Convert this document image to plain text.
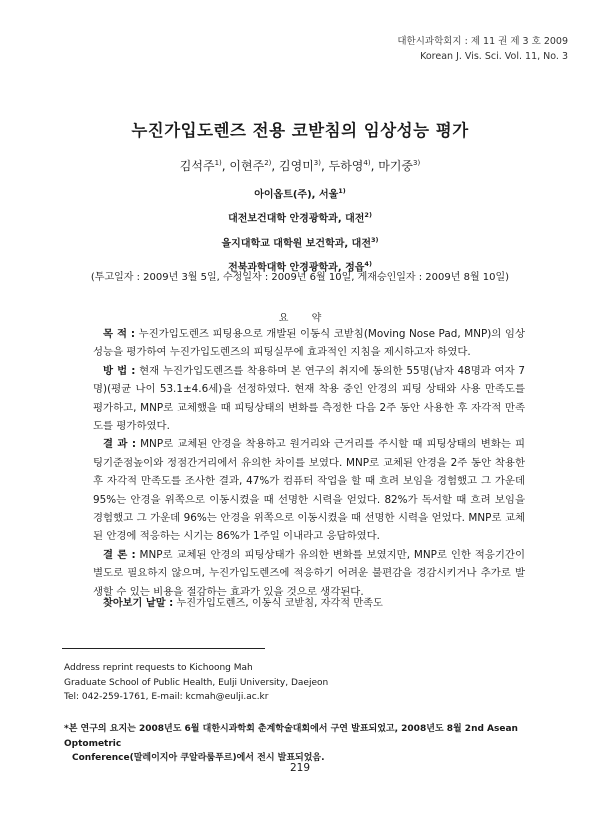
대한시과학회지 : 제 11 권 제 3 호 2009
Korean J. Vis. Sci. Vol. 11, No. 3
누진가입도렌즈 전용 코받침의 임상성능 평가
김석주$^{1)}$, 이현주$^{2)}$, 김영미$^{3)}$, 두하영$^{4)}$, 마기중$^{3)}$
아이옵트(주), 서울$^{1)}$
대전보건대학 안경광학과, 대전$^{2)}$
을지대학교 대학원 보건학과, 대전$^{3)}$
전북과학대학 안경광학과, 정읍$^{4)}$
(투고일자 : 2009년 3월 5일, 수정일자 : 2009년 6월 10일, 게재승인일자 : 2009년 8월 10일)
요 약

목 적 : 누진가입도렌즈 피팅용으로 개발된 이동식 코받침(Moving Nose Pad, MNP)의 임상성능을 평가하여 누진가입도렌즈의 피팅실무에 효과적인 지침을 제시하고자 하였다.

방 법 : 현재 누진가입도렌즈를 착용하며 본 연구의 취지에 동의한 55명(남자 48명과 여자 7명)(평균 나이 53.1±4.6세)을 선정하였다. 현재 착용 중인 안경의 피팅 상태와 사용 만족도를 평가하고, MNP로 교체했을 때 피팅상태의 변화를 측정한 다음 2주 동안 사용한 후 자각적 만족도를 평가하였다.

결 과 : MNP로 교체된 안경을 착용하고 원거리와 근거리를 주시할 때 피팅상태의 변화는 피팅기준점높이와 정점간거리에서 유의한 차이를 보였다. MNP로 교체된 안경을 2주 동안 착용한 후 자각적 만족도를 조사한 결과, 47%가 컴퓨터 작업을 할 때 흐려 보임을 경험했고 그 가운데 95%는 안경을 위쪽으로 이동시켰을 때 선명한 시력을 얻었다. 82%가 독서할 때 흐려 보임을 경험했고 그 가운데 96%는 안경을 위쪽으로 이동시켰을 때 선명한 시력을 얻었다. MNP로 교체된 안경에 적응하는 시기는 86%가 1주일 이내라고 응답하였다.

결 론 : MNP로 교체된 안경의 피팅상태가 유의한 변화를 보였지만, MNP로 인한 적응기간이 별도로 필요하지 않으며, 누진가입도렌즈에 적응하기 어려운 불편감을 경감시키거나 추가로 발생할 수 있는 비용을 절감하는 효과가 있을 것으로 생각된다.

찾아보기 낱말 : 누진가입도렌즈, 이동식 코받침, 자각적 만족도
Address reprint requests to Kichoong Mah
Graduate School of Public Health, Eulji University, Daejeon
Tel: 042-259-1761, E-mail: kcmah@eulji.ac.kr
*본 연구의 요지는 2008년도 6월 대한시과학회 춘계학술대회에서 구연 발표되었고, 2008년도 8월 2nd Asean Optometric
Conference(말레이지아 쿠알라룸푸르)에서 전시 발표되었음.
219
